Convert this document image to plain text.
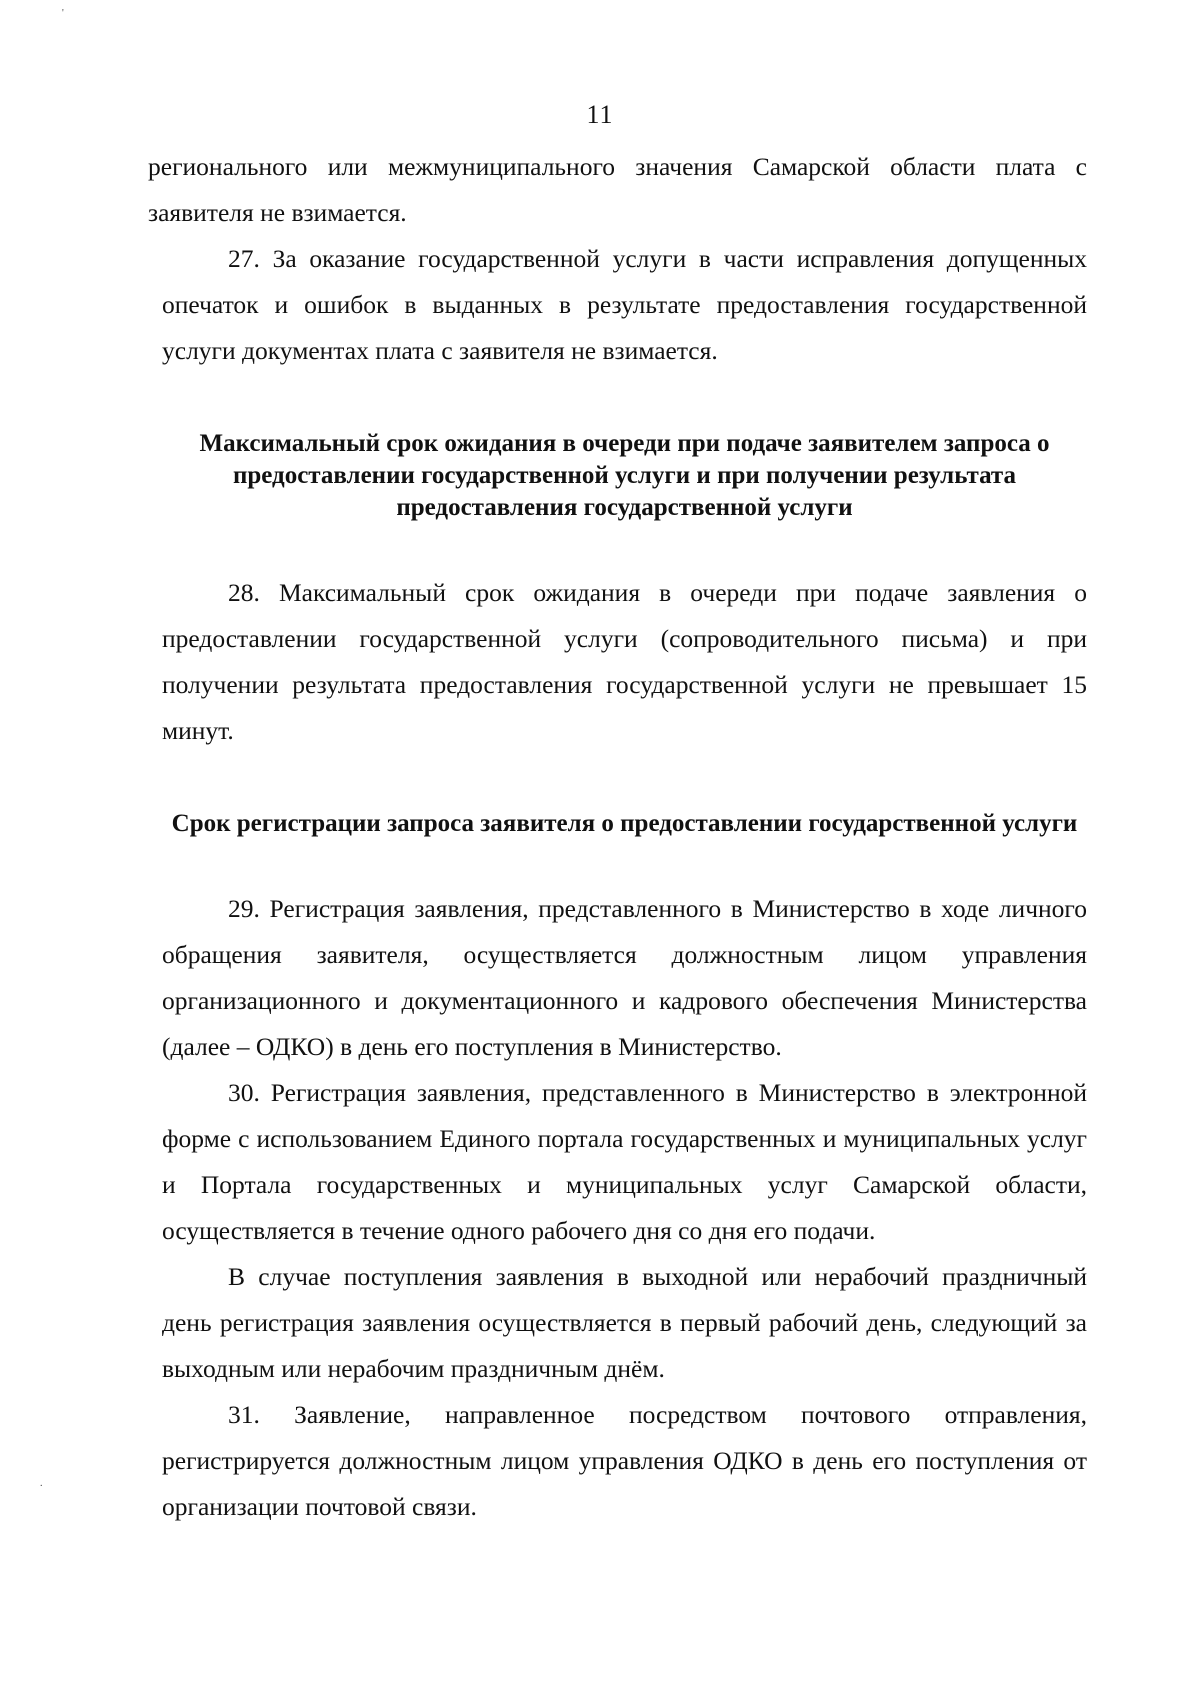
'
.
11

регионального или межмуниципального значения Самарской области плата с заявителя не взимается.

27. За оказание государственной услуги в части исправления допущенных опечаток и ошибок в выданных в результате предоставления государственной услуги документах плата с заявителя не взимается.

Максимальный срок ожидания в очереди при подаче заявителем запроса о предоставлении государственной услуги и при получении результата предоставления государственной услуги

28. Максимальный срок ожидания в очереди при подаче заявления о предоставлении государственной услуги (сопроводительного письма) и при получении результата предоставления государственной услуги не превышает 15 минут.

Срок регистрации запроса заявителя о предоставлении государственной услуги

29. Регистрация заявления, представленного в Министерство в ходе личного обращения заявителя, осуществляется должностным лицом управления организационного и документационного и кадрового обеспечения Министерства (далее – ОДКО) в день его поступления в Министерство.

30. Регистрация заявления, представленного в Министерство в электронной форме с использованием Единого портала государственных и муниципальных услуг и Портала государственных и муниципальных услуг Самарской области, осуществляется в течение одного рабочего дня со дня его подачи.

В случае поступления заявления в выходной или нерабочий праздничный день регистрация заявления осуществляется в первый рабочий день, следующий за выходным или нерабочим праздничным днём.

31. Заявление, направленное посредством почтового отправления, регистрируется должностным лицом управления ОДКО в день его поступления от организации почтовой связи.
